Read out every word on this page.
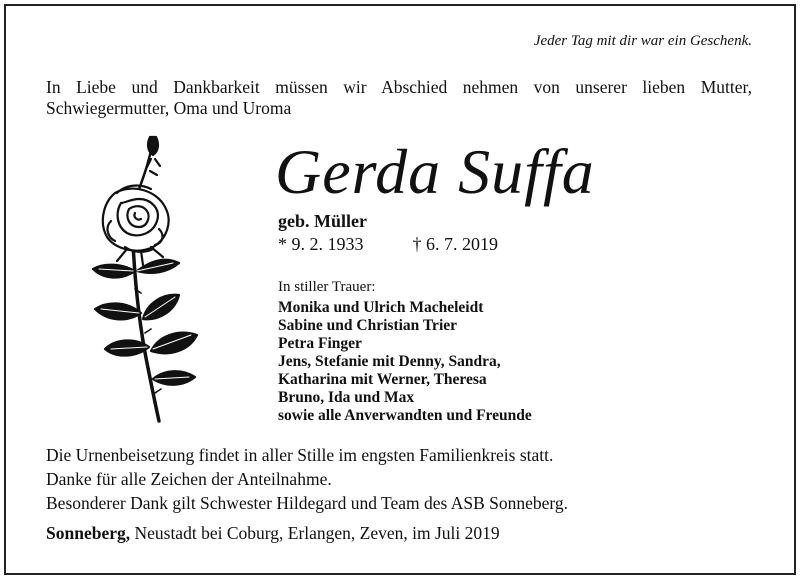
Jeder Tag mit dir war ein Geschenk.
In Liebe und Dankbarkeit müssen wir Abschied nehmen von unserer lieben Mutter, Schwiegermutter, Oma und Uroma
Gerda Suffa
geb. Müller
* 9. 2. 1933	† 6. 7. 2019
In stiller Trauer:
Monika und Ulrich Macheleidt
Sabine und Christian Trier
Petra Finger
Jens, Stefanie mit Denny, Sandra,
Katharina mit Werner, Theresa
Bruno, Ida und Max
sowie alle Anverwandten und Freunde
Die Urnenbeisetzung findet in aller Stille im engsten Familienkreis statt.
Danke für alle Zeichen der Anteilnahme.
Besonderer Dank gilt Schwester Hildegard und Team des ASB Sonneberg.
Sonneberg, Neustadt bei Coburg, Erlangen, Zeven, im Juli 2019
